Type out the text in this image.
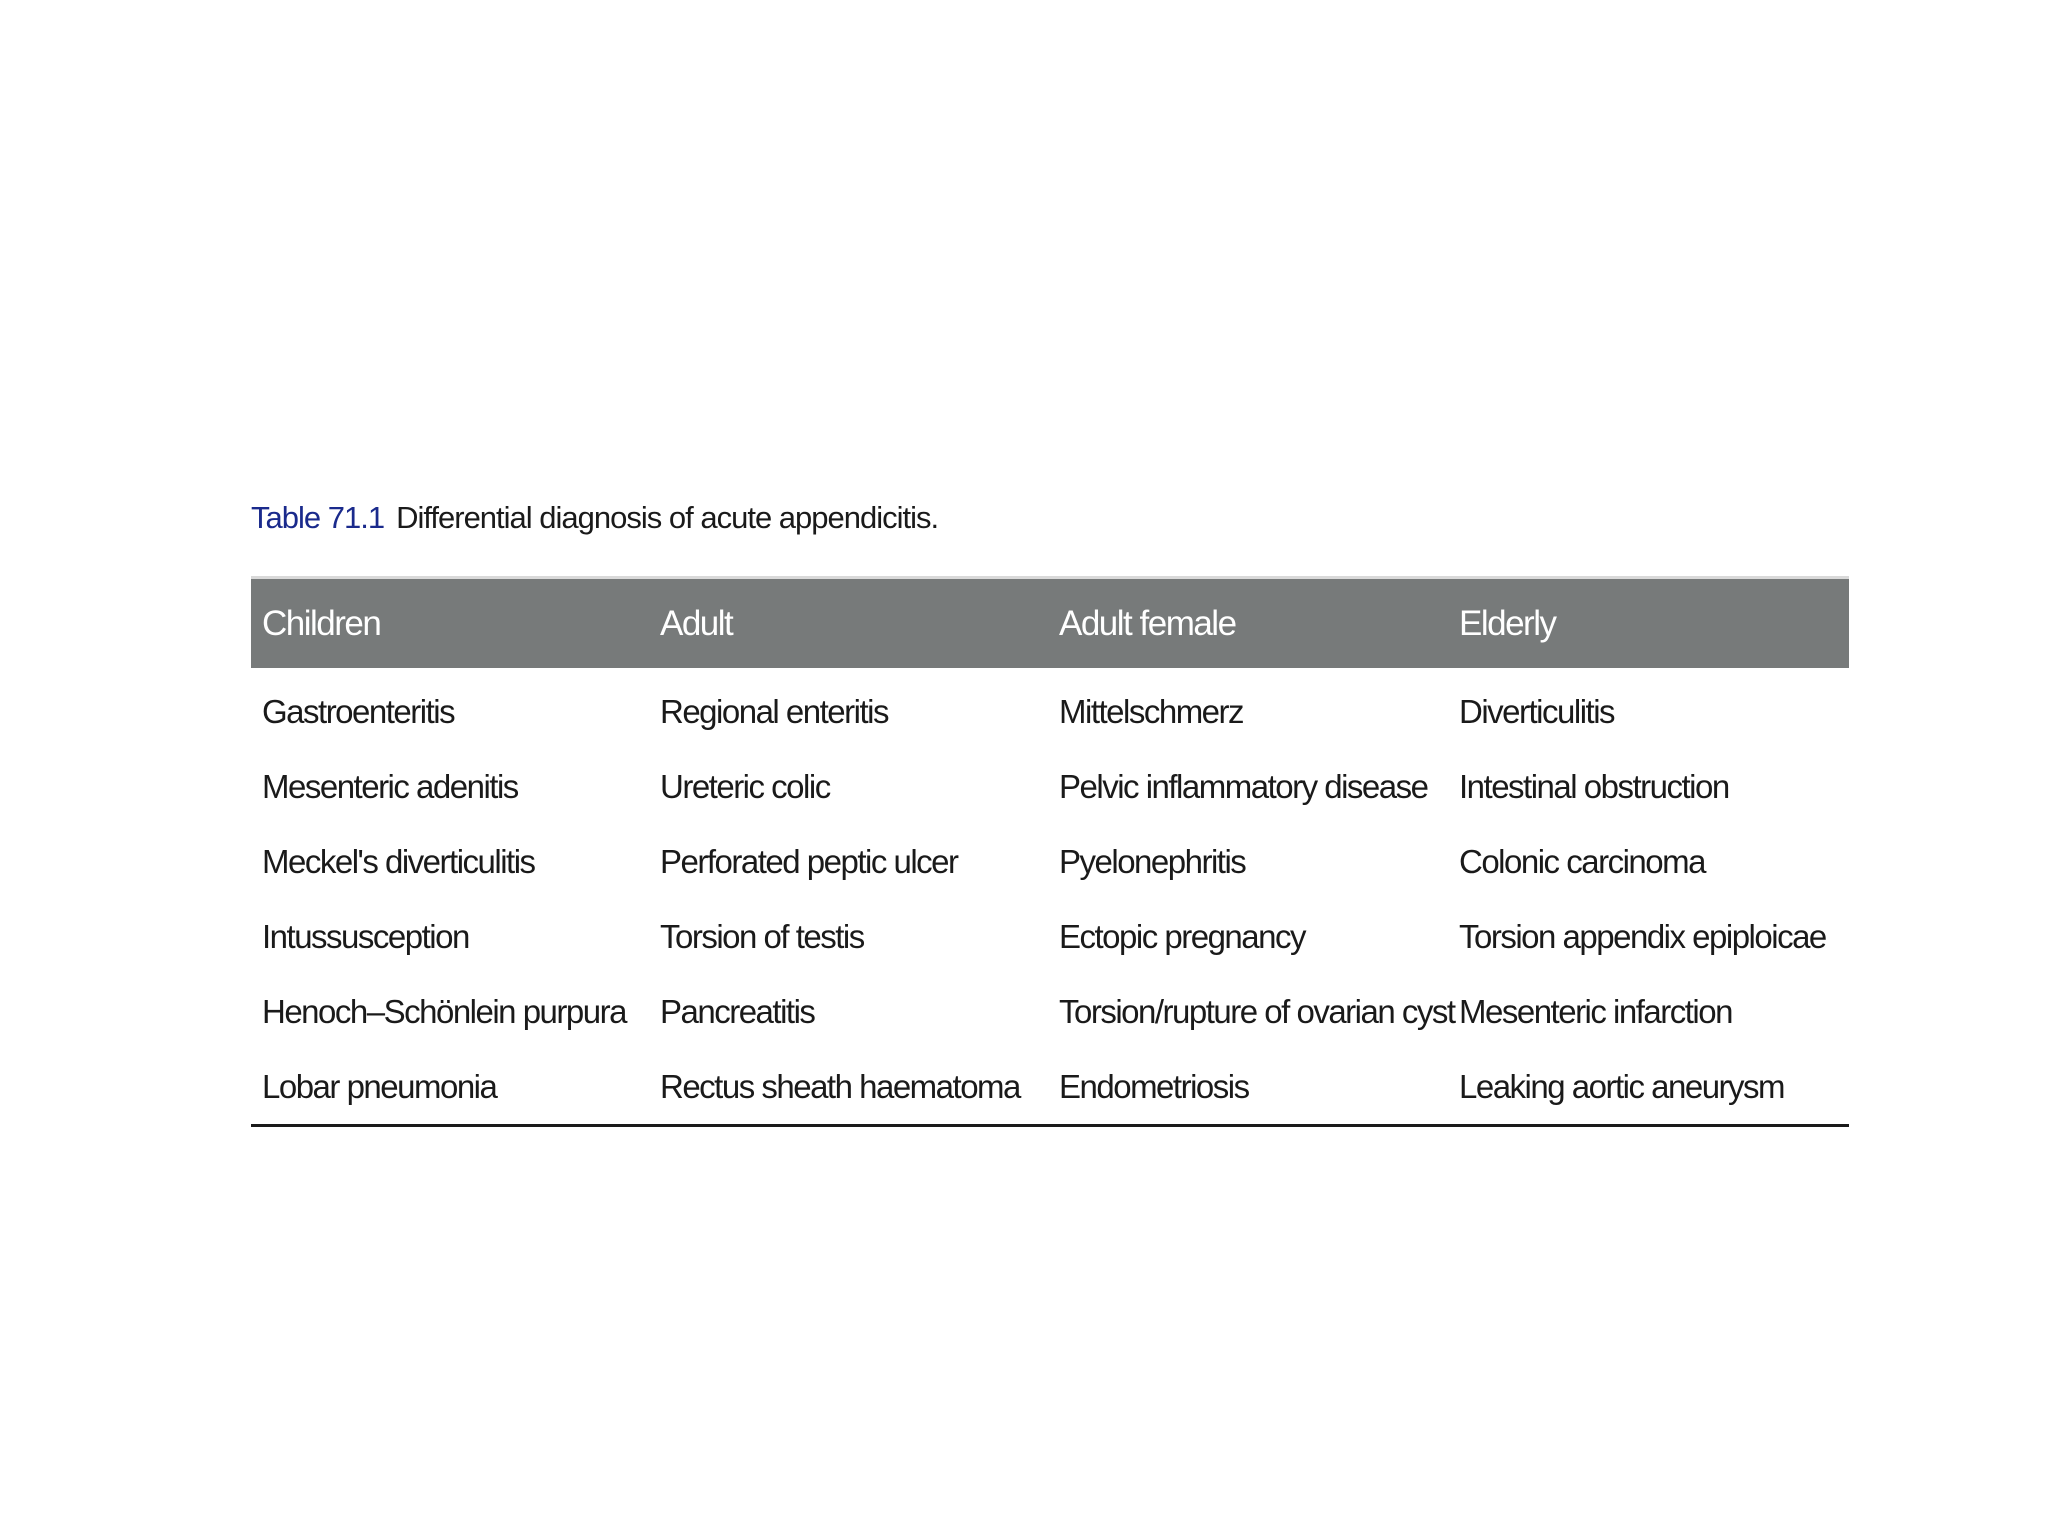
Table 71.1 Differential diagnosis of acute appendicitis.
Children	Adult	Adult female	Elderly
Gastroenteritis	Regional enteritis	Mittelschmerz	Diverticulitis
Mesenteric adenitis	Ureteric colic	Pelvic inflammatory disease	Intestinal obstruction
Meckel's diverticulitis	Perforated peptic ulcer	Pyelonephritis	Colonic carcinoma
Intussusception	Torsion of testis	Ectopic pregnancy	Torsion appendix epiploicae
Henoch–Schönlein purpura	Pancreatitis	Torsion/rupture of ovarian cyst	Mesenteric infarction
Lobar pneumonia	Rectus sheath haematoma	Endometriosis	Leaking aortic aneurysm
